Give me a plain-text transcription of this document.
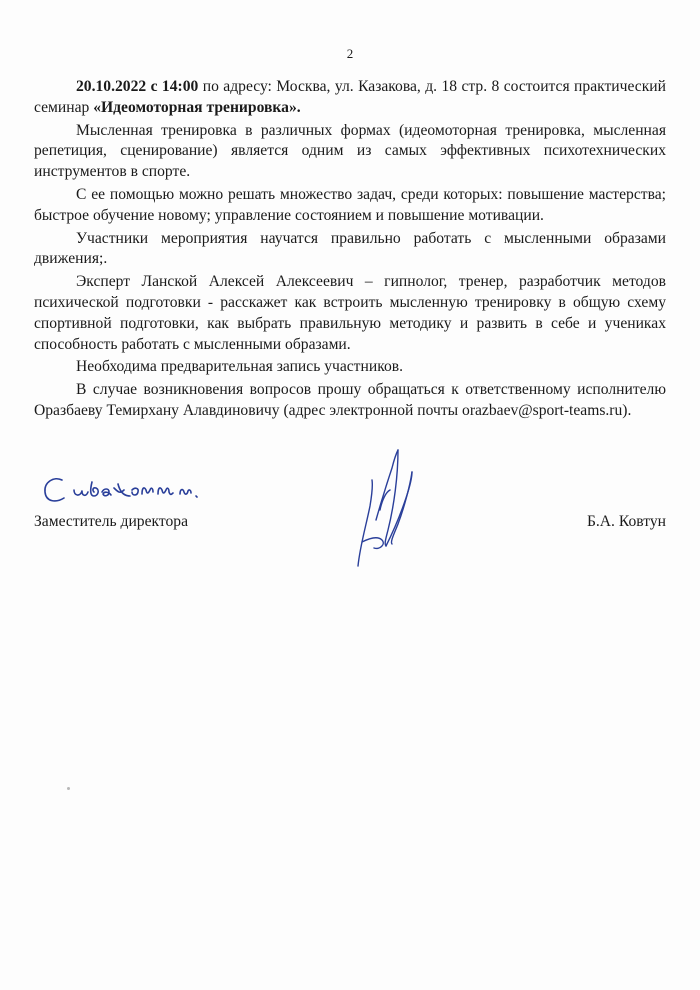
2

20.10.2022 с 14:00 по адресу: Москва, ул. Казакова, д. 18 стр. 8 состоится практический семинар «Идеомоторная тренировка».

Мысленная тренировка в различных формах (идеомоторная тренировка, мысленная репетиция, сценирование) является одним из самых эффективных психотехнических инструментов в спорте.

С ее помощью можно решать множество задач, среди которых: повышение мастерства; быстрое обучение новому; управление состоянием и повышение мотивации.

Участники мероприятия научатся правильно работать с мысленными образами движения;.

Эксперт Ланской Алексей Алексеевич – гипнолог, тренер, разработчик методов психической подготовки - расскажет как встроить мысленную тренировку в общую схему спортивной подготовки, как выбрать правильную методику и развить в себе и учениках способность работать с мысленными образами.

Необходима предварительная запись участников.

В случае возникновения вопросов прошу обращаться к ответственному исполнителю Оразбаеву Темирхану Алавдиновичу (адрес электронной почты orazbaev@sport-teams.ru).

Заместитель директора	Б.А. Ковтун
